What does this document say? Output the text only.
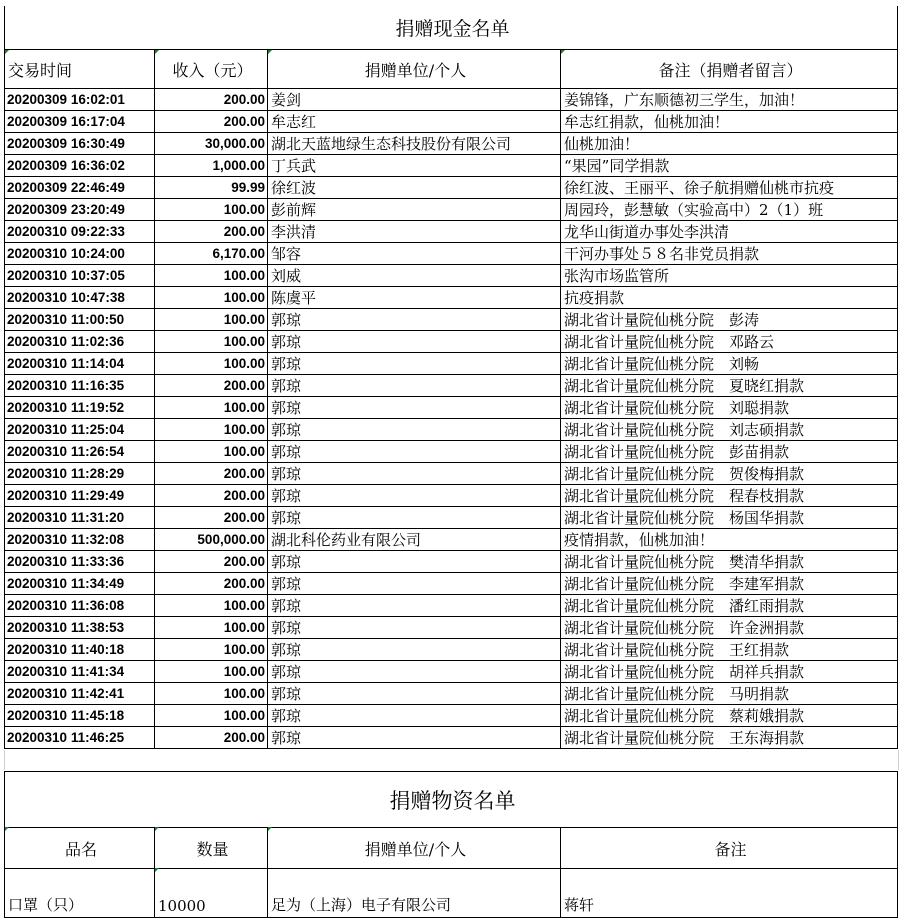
捐赠现金名单			
交易时间	收入（元）	捐赠单位/个人	备注（捐赠者留言）
20200309 16:02:01	200.00	姜剑	姜锦锋，广东顺德初三学生，加油！
20200309 16:17:04	200.00	牟志红	牟志红捐款，仙桃加油！
20200309 16:30:49	30,000.00	湖北天蓝地绿生态科技股份有限公司	仙桃加油！
20200309 16:36:02	1,000.00	丁兵武	“果园”同学捐款
20200309 22:46:49	99.99	徐红波	徐红波、王丽平、徐子航捐赠仙桃市抗疫
20200309 23:20:49	100.00	彭前辉	周园玲，彭慧敏（实验高中）2（1）班
20200310 09:22:33	200.00	李洪清	龙华山街道办事处李洪清
20200310 10:24:00	6,170.00	邹容	干河办事处５８名非党员捐款
20200310 10:37:05	100.00	刘威	张沟市场监管所
20200310 10:47:38	100.00	陈虞平	抗疫捐款
20200310 11:00:50	100.00	郭琼	湖北省计量院仙桃分院　彭涛
20200310 11:02:36	100.00	郭琼	湖北省计量院仙桃分院　邓路云
20200310 11:14:04	100.00	郭琼	湖北省计量院仙桃分院　刘畅
20200310 11:16:35	200.00	郭琼	湖北省计量院仙桃分院　夏晓红捐款
20200310 11:19:52	100.00	郭琼	湖北省计量院仙桃分院　刘聪捐款
20200310 11:25:04	100.00	郭琼	湖北省计量院仙桃分院　刘志硕捐款
20200310 11:26:54	100.00	郭琼	湖北省计量院仙桃分院　彭苗捐款
20200310 11:28:29	200.00	郭琼	湖北省计量院仙桃分院　贺俊梅捐款
20200310 11:29:49	200.00	郭琼	湖北省计量院仙桃分院　程春枝捐款
20200310 11:31:20	200.00	郭琼	湖北省计量院仙桃分院　杨国华捐款
20200310 11:32:08	500,000.00	湖北科伦药业有限公司	疫情捐款，仙桃加油！
20200310 11:33:36	200.00	郭琼	湖北省计量院仙桃分院　樊清华捐款
20200310 11:34:49	200.00	郭琼	湖北省计量院仙桃分院　李建军捐款
20200310 11:36:08	100.00	郭琼	湖北省计量院仙桃分院　潘红雨捐款
20200310 11:38:53	100.00	郭琼	湖北省计量院仙桃分院　许金洲捐款
20200310 11:40:18	100.00	郭琼	湖北省计量院仙桃分院　王红捐款
20200310 11:41:34	100.00	郭琼	湖北省计量院仙桃分院　胡祥兵捐款
20200310 11:42:41	100.00	郭琼	湖北省计量院仙桃分院　马明捐款
20200310 11:45:18	100.00	郭琼	湖北省计量院仙桃分院　蔡莉娥捐款
20200310 11:46:25	200.00	郭琼	湖北省计量院仙桃分院　王东海捐款
捐赠物资名单			
品名	数量	捐赠单位/个人	备注
口罩（只）	10000	足为（上海）电子有限公司	蒋轩
